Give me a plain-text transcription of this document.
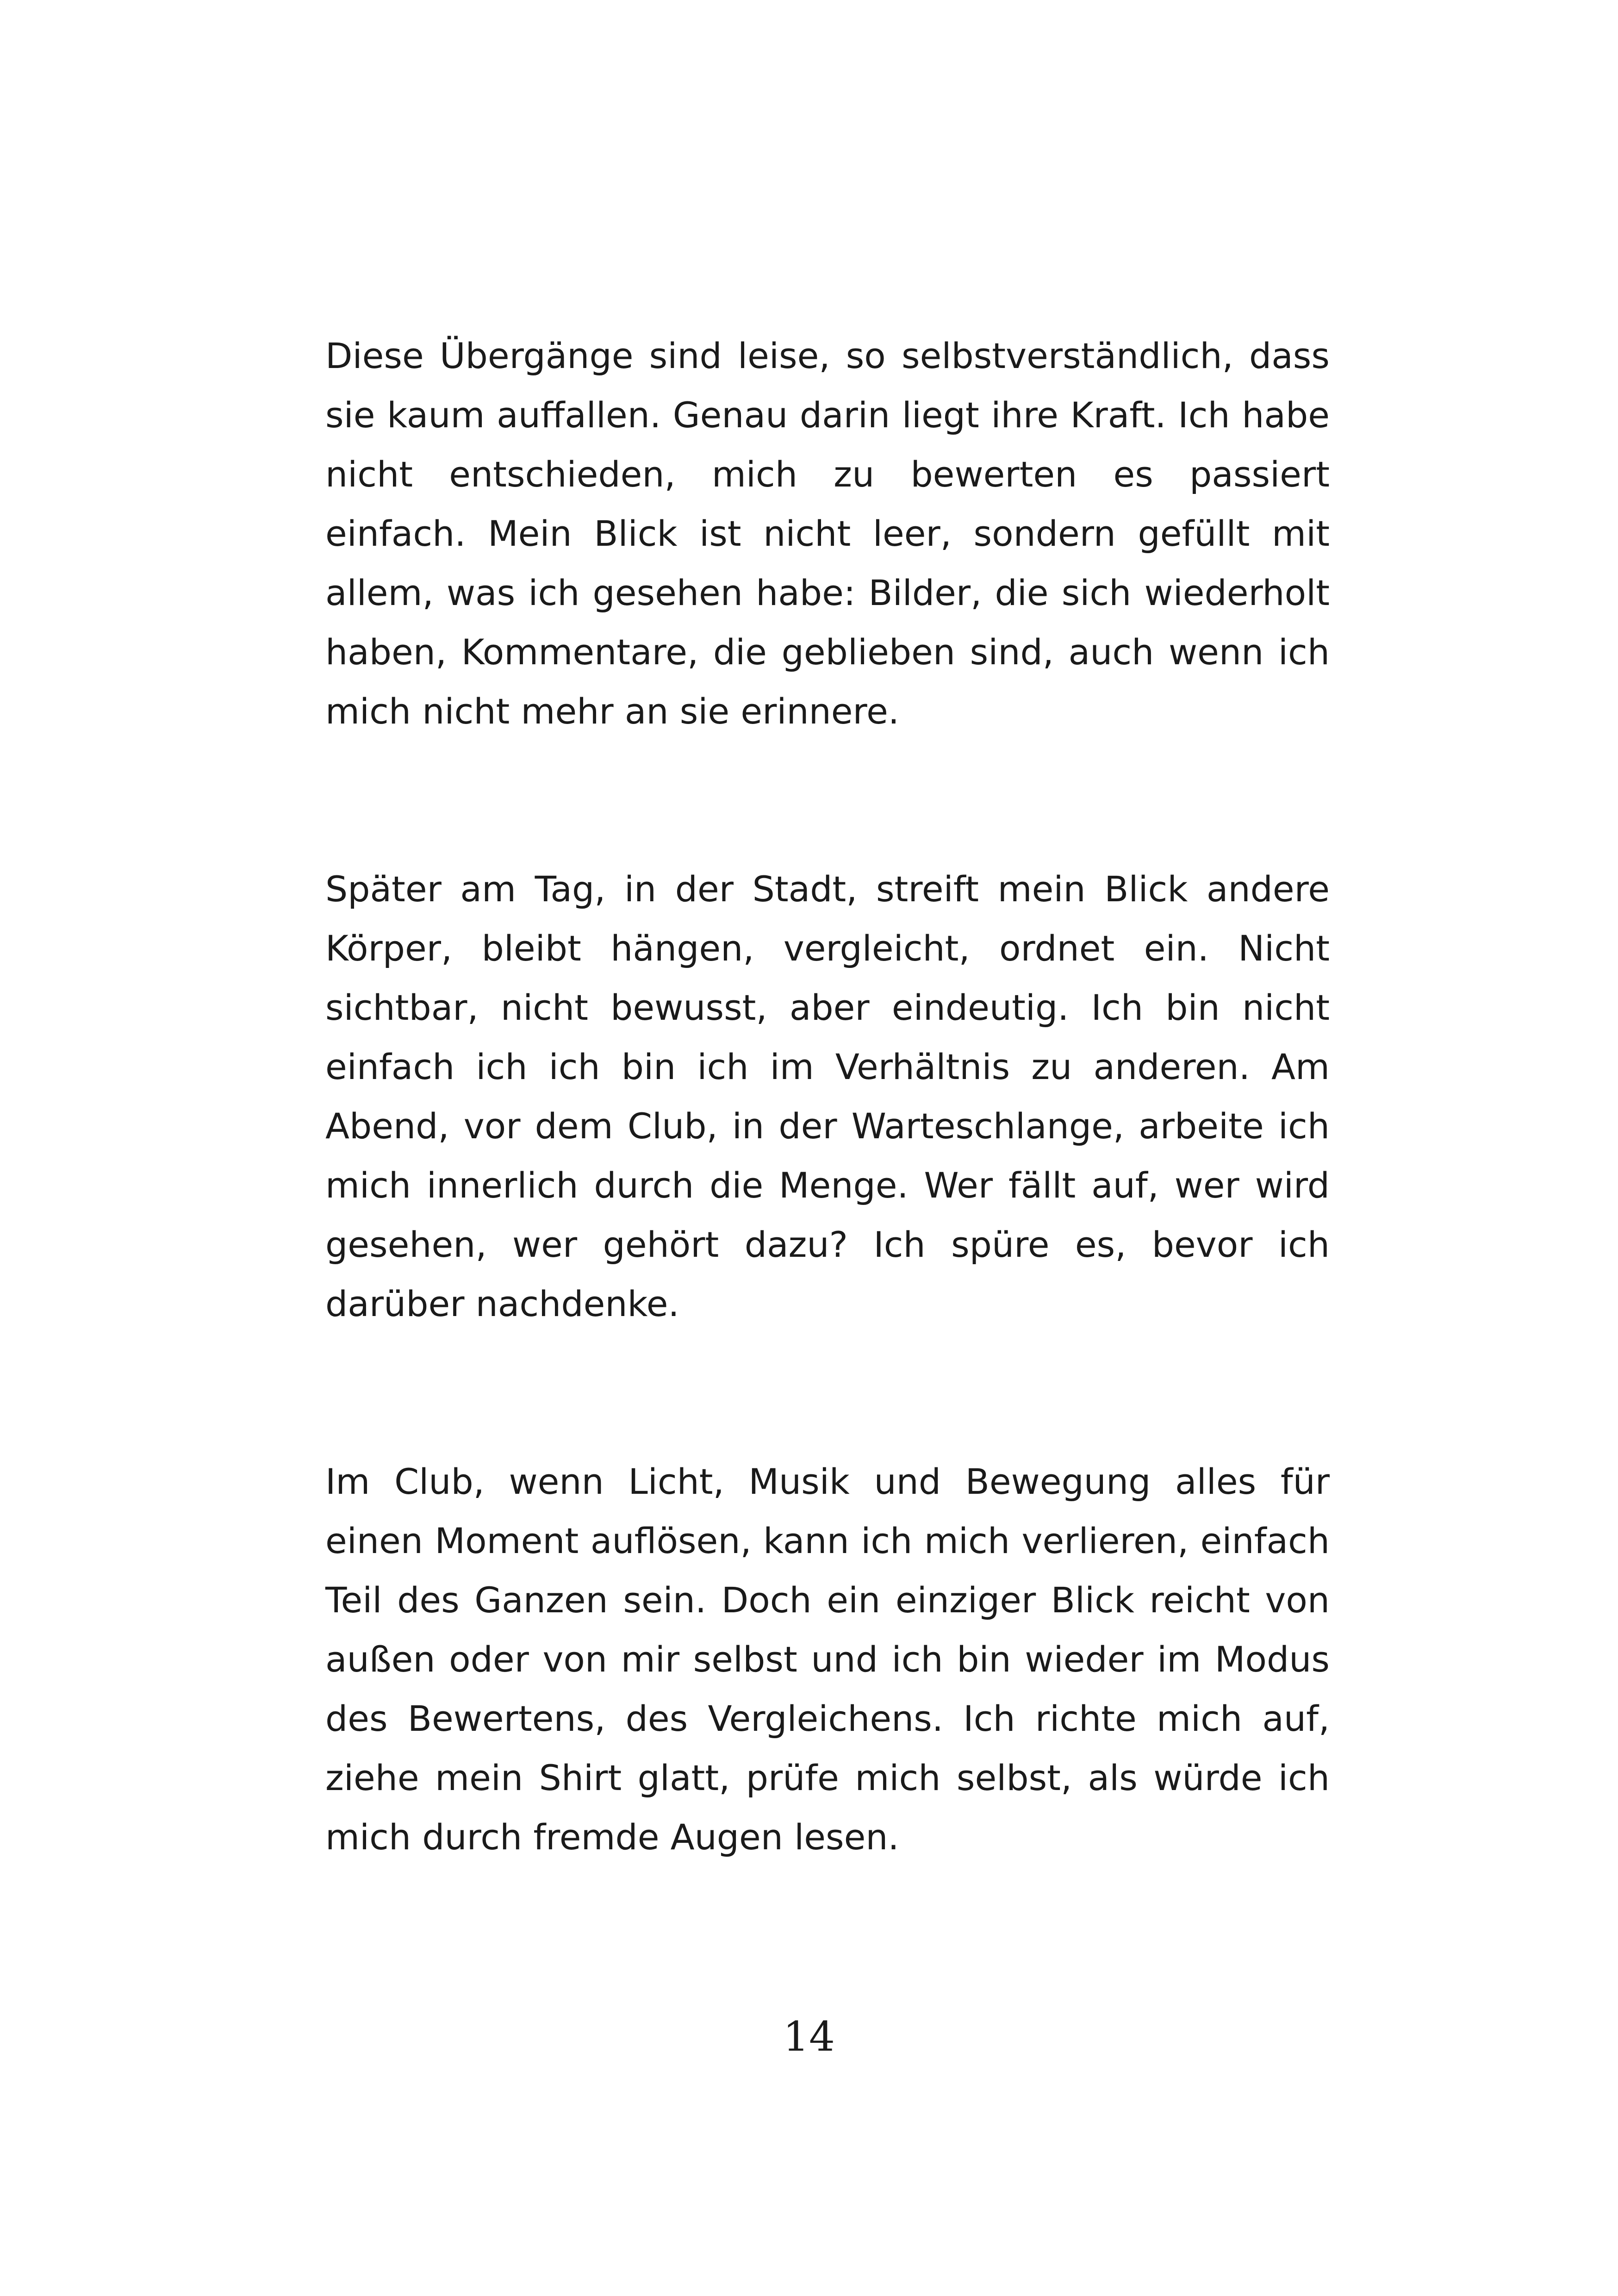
Diese Übergänge sind leise, so selbstverständlich, dass sie kaum auffallen. Genau darin liegt ihre Kraft. Ich habe nicht entschieden, mich zu bewerten es passiert einfach. Mein Blick ist nicht leer, sondern gefüllt mit allem, was ich gesehen habe: Bilder, die sich wiederholt haben, Kommentare, die geblieben sind, auch wenn ich mich nicht mehr an sie erinnere.

Später am Tag, in der Stadt, streift mein Blick andere Körper, bleibt hängen, vergleicht, ordnet ein. Nicht sichtbar, nicht bewusst, aber eindeutig. Ich bin nicht einfach ich ich bin ich im Verhältnis zu anderen. Am Abend, vor dem Club, in der Warteschlange, arbeite ich mich innerlich durch die Menge. Wer fällt auf, wer wird gesehen, wer gehört dazu? Ich spüre es, bevor ich darüber nachdenke.

Im Club, wenn Licht, Musik und Bewegung alles für einen Moment auflösen, kann ich mich verlieren, einfach Teil des Ganzen sein. Doch ein einziger Blick reicht von außen oder von mir selbst und ich bin wieder im Modus des Bewertens, des Vergleichens. Ich richte mich auf, ziehe mein Shirt glatt, prüfe mich selbst, als würde ich mich durch fremde Augen lesen.

14
